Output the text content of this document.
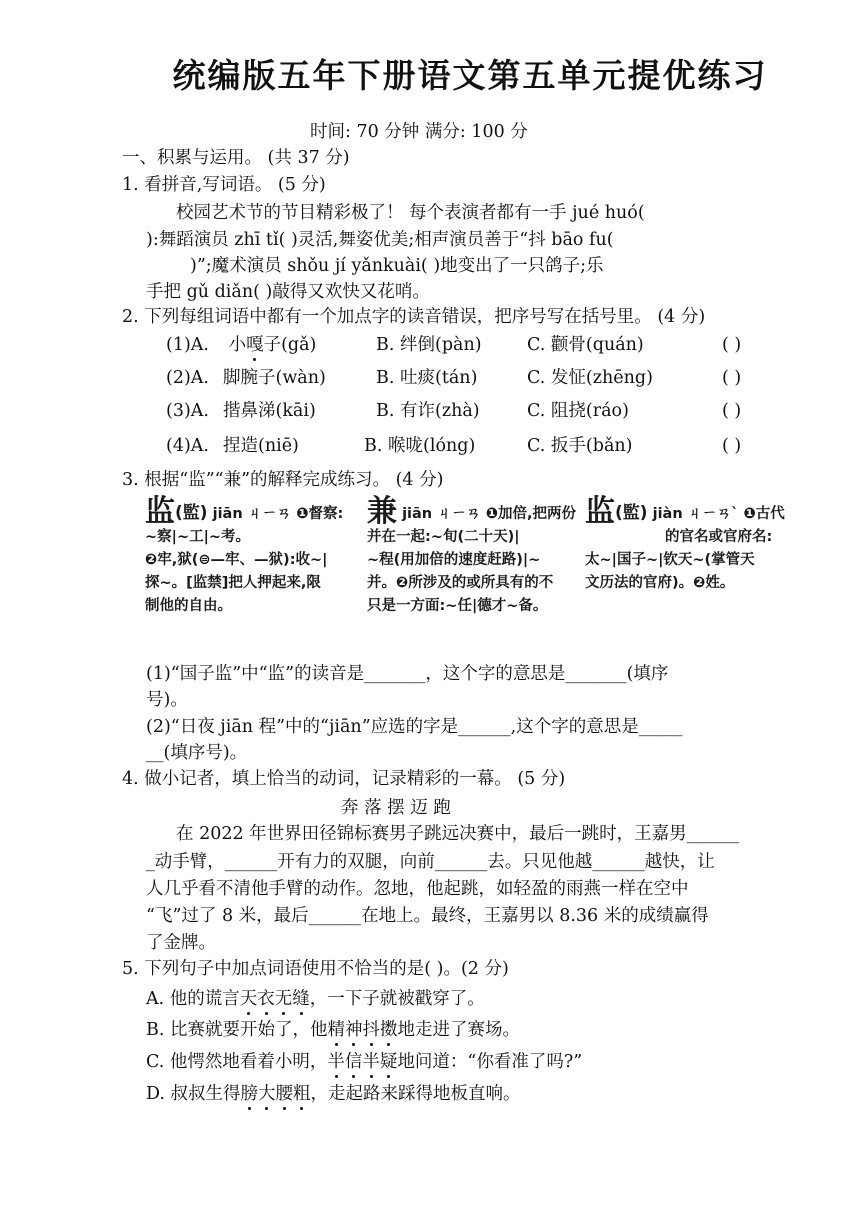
统编版五年下册语文第五单元提优练习
时间: 70 分钟 满分: 100 分
一、积累与运用。 (共 37 分)
1. 看拼音,写词语。 (5 分)
校园艺术节的节目精彩极了！ 每个表演者都有一手 jué huó(
):舞蹈演员 zhī tǐ( )灵活,舞姿优美;相声演员善于“抖 bāo fu(
)”;魔术演员 shǒu jí yǎnkuài( )地变出了一只鸽子;乐
手把 gǔ diǎn( )敲得又欢快又花哨。
2. 下列每组词语中都有一个加点字的读音错误，把序号写在括号里。 (4 分)
(1)A. 小嘎子(gǎ)	B. 绊倒(pàn)	C. 颧骨(quán)	( )
(2)A. 脚腕子(wàn)	B. 吐痰(tán)	C. 发怔(zhēng)	( )
(3)A. 揩鼻涕(kāi)	B. 有诈(zhà)	C. 阻挠(ráo)	( )
(4)A. 捏造(niē)	B. 喉咙(lóng)	C. 扳手(bǎn)	( )
3. 根据“监”“兼”的解释完成练习。 (4 分)
监(監) jiān ㄐㄧㄢ ❶督察:
~察|~工|~考。
❷牢,狱(⊜—牢、—狱):收~|
探~。[监禁]把人押起来,限
制他的自由。
兼 jiān ㄐㄧㄢ ❶加倍,把两份
并在一起:~旬(二十天)|
~程(用加倍的速度赶路)|~
并。❷所涉及的或所具有的不
只是一方面:~任|德才~备。
监(監) jiàn ㄐㄧㄢˋ ❶古代
的官名或官府名:
太~|国子~|钦天~(掌管天
文历法的官府)。❷姓。
(1)“国子监”中“监”的读音是_______，这个字的意思是_______(填序
号)。
(2)“日夜 jiān 程”中的“jiān”应选的字是______,这个字的意思是_____
__(填序号)。
4. 做小记者，填上恰当的动词，记录精彩的一幕。 (5 分)
奔 落 摆 迈 跑
在 2022 年世界田径锦标赛男子跳远决赛中，最后一跳时，王嘉男______
_动手臂，______开有力的双腿，向前______去。只见他越______越快，让
人几乎看不清他手臂的动作。忽地，他起跳，如轻盈的雨燕一样在空中
“飞”过了 8 米，最后______在地上。最终，王嘉男以 8.36 米的成绩赢得
了金牌。
5. 下列句子中加点词语使用不恰当的是( )。(2 分)
A. 他的谎言天衣无缝，一下子就被戳穿了。
B. 比赛就要开始了，他精神抖擞地走进了赛场。
C. 他愕然地看着小明，半信半疑地问道：“你看准了吗?”
D. 叔叔生得膀大腰粗，走起路来踩得地板直响。
